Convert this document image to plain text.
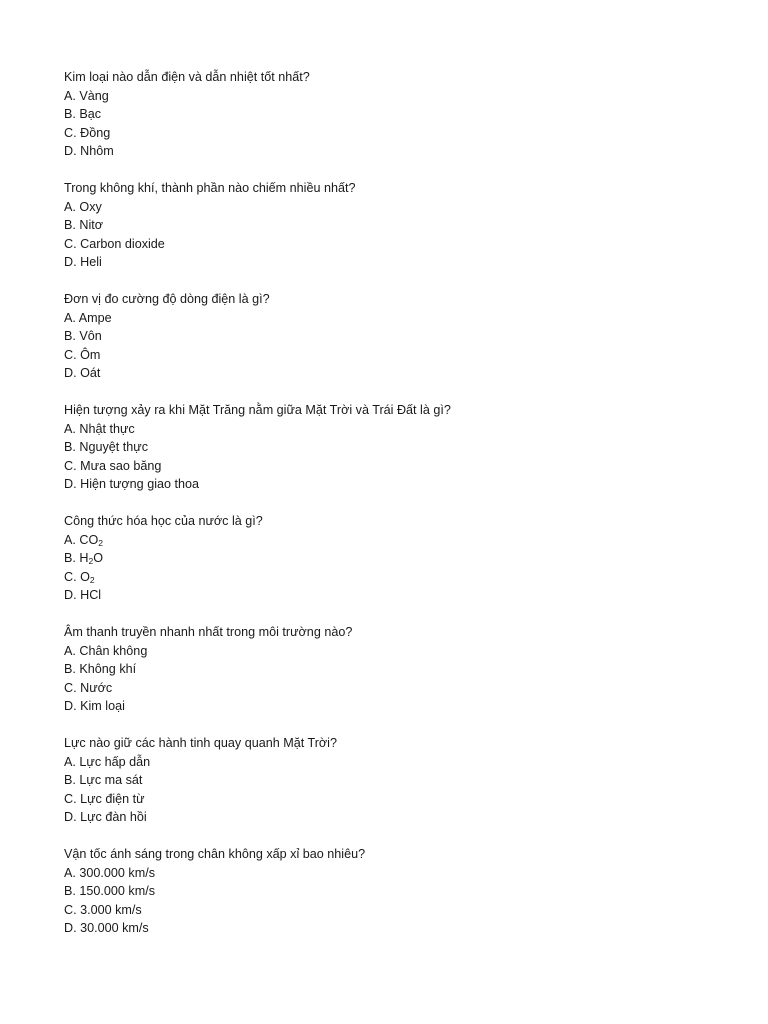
Kim loại nào dẫn điện và dẫn nhiệt tốt nhất?
A. Vàng
B. Bạc
C. Đồng
D. Nhôm
Trong không khí, thành phần nào chiếm nhiều nhất?
A. Oxy
B. Nitơ
C. Carbon dioxide
D. Heli
Đơn vị đo cường độ dòng điện là gì?
A. Ampe
B. Vôn
C. Ôm
D. Oát
Hiện tượng xảy ra khi Mặt Trăng nằm giữa Mặt Trời và Trái Đất là gì?
A. Nhật thực
B. Nguyệt thực
C. Mưa sao băng
D. Hiện tượng giao thoa
Công thức hóa học của nước là gì?
A. $CO_2$
B. $H_2O$
C. $O_2$
D. HCl
Âm thanh truyền nhanh nhất trong môi trường nào?
A. Chân không
B. Không khí
C. Nước
D. Kim loại
Lực nào giữ các hành tinh quay quanh Mặt Trời?
A. Lực hấp dẫn
B. Lực ma sát
C. Lực điện từ
D. Lực đàn hồi
Vận tốc ánh sáng trong chân không xấp xỉ bao nhiêu?
A. 300.000 km/s
B. 150.000 km/s
C. 3.000 km/s
D. 30.000 km/s
